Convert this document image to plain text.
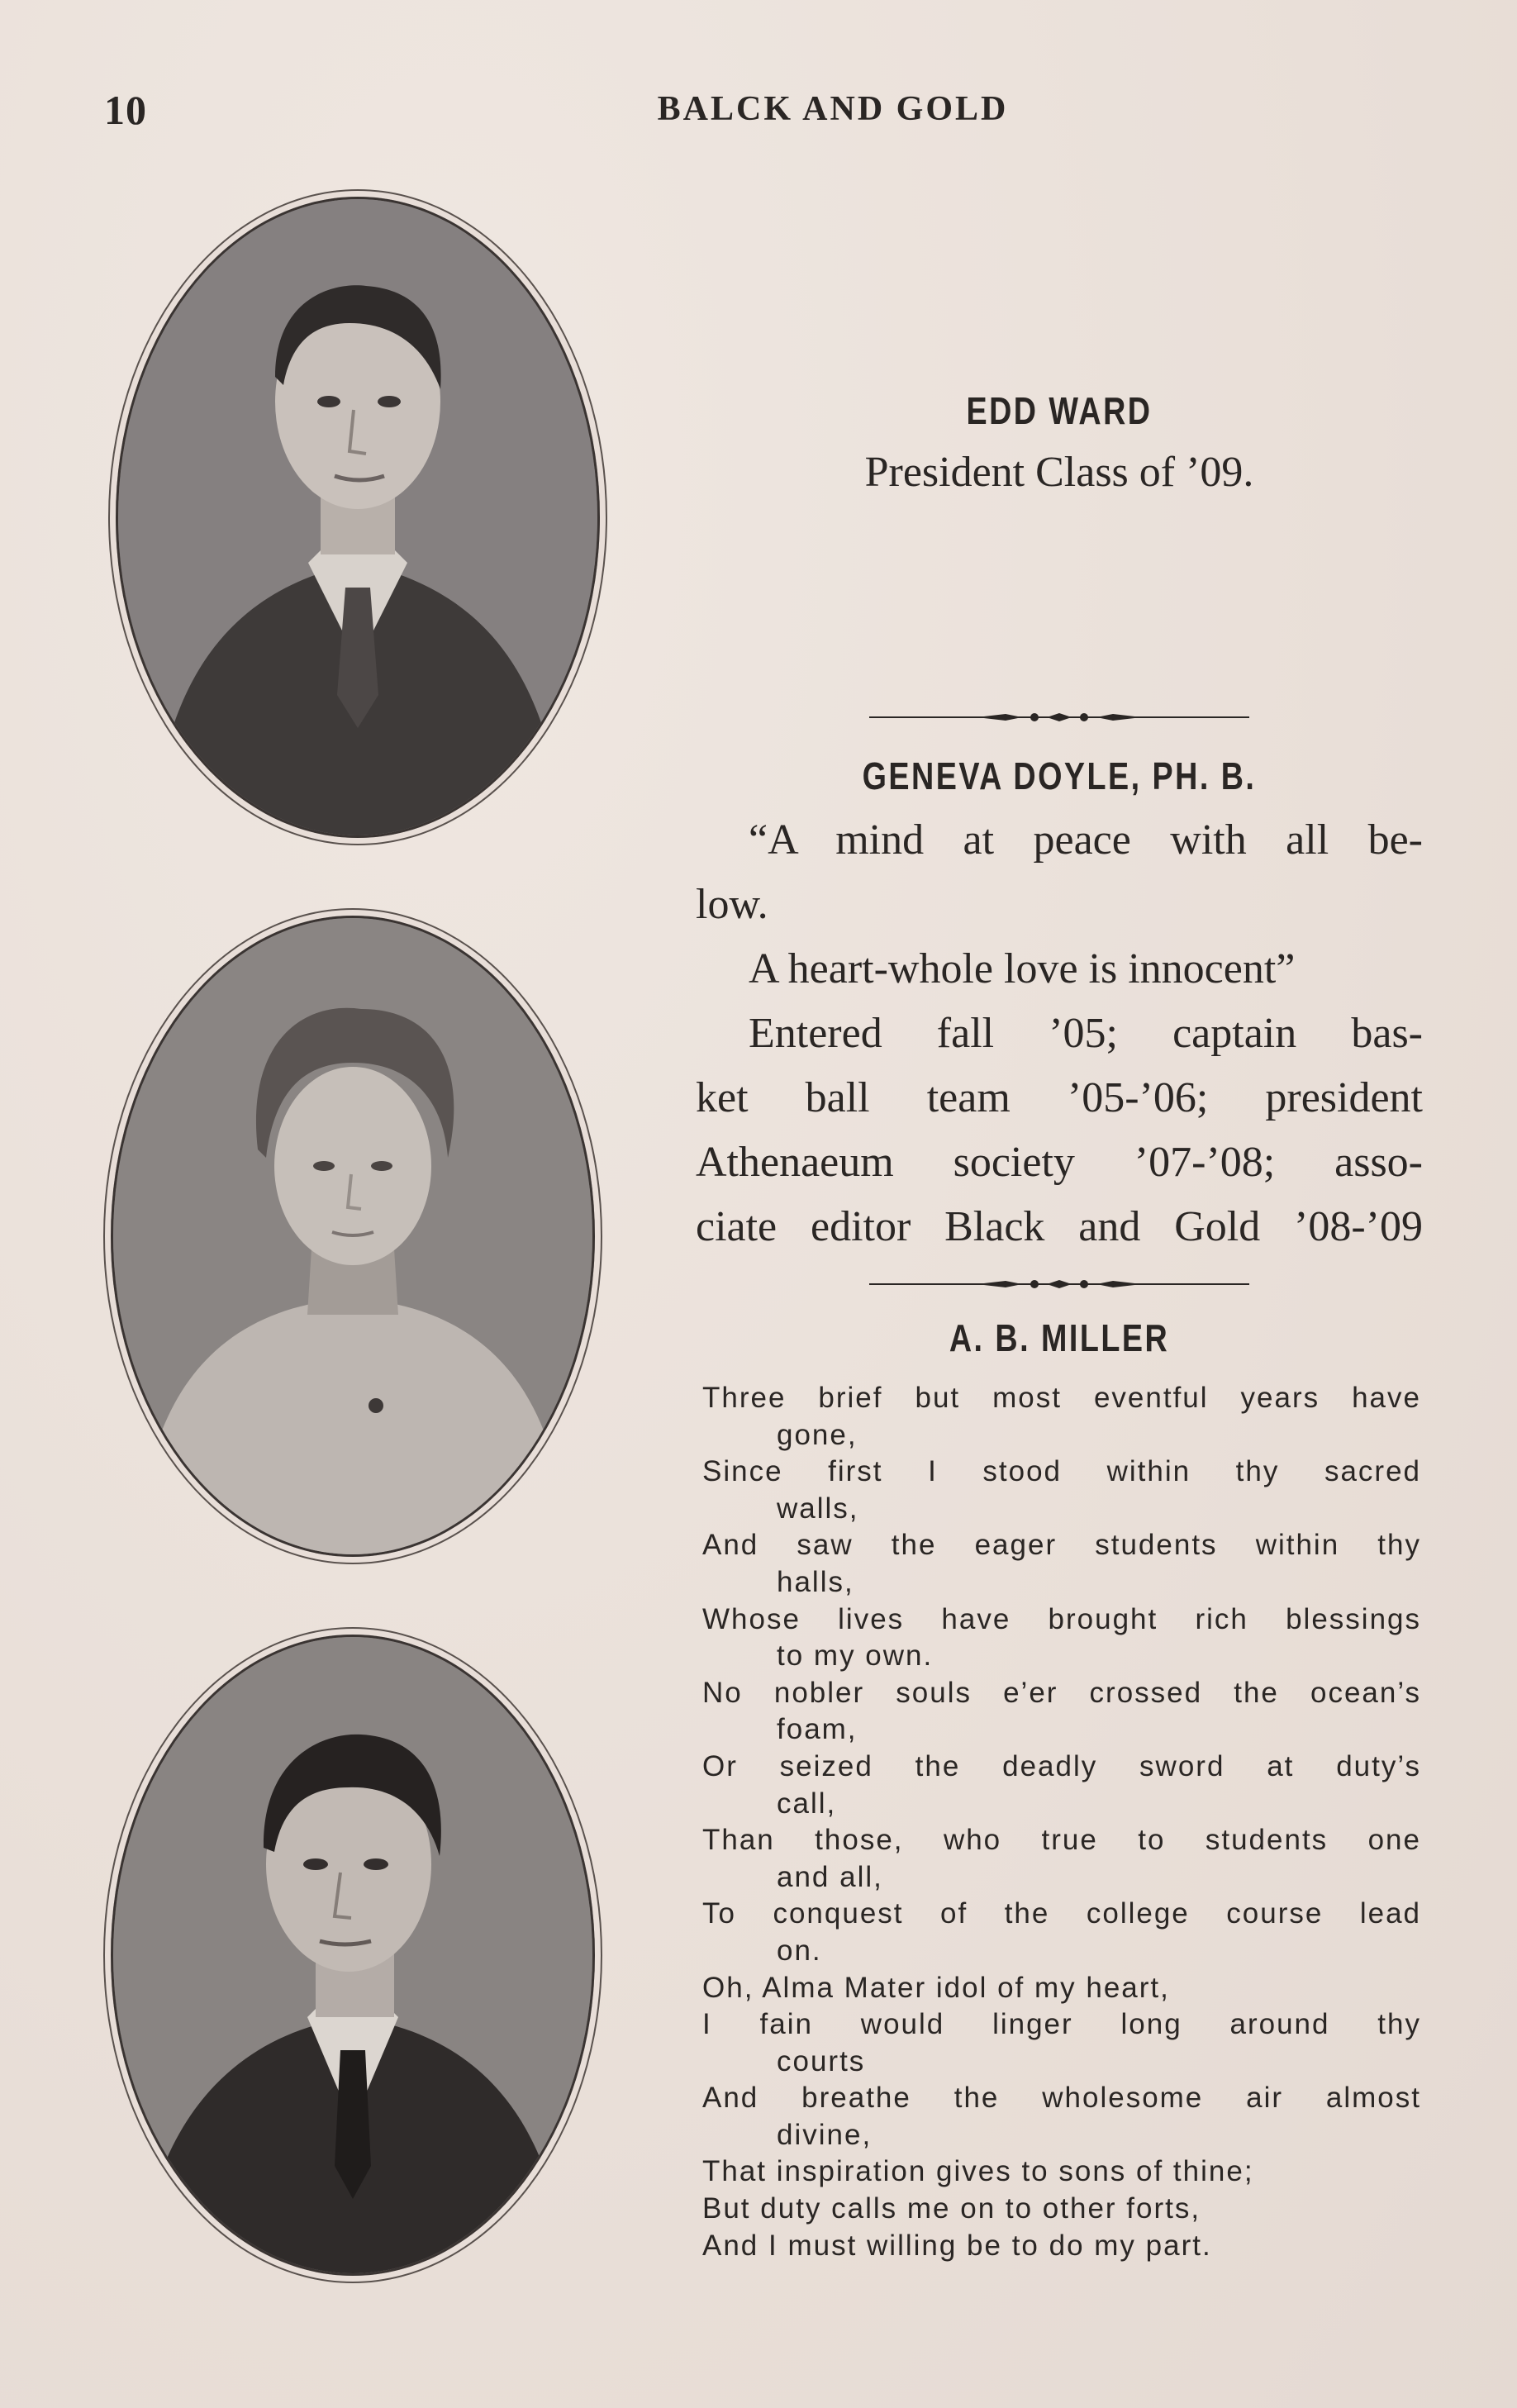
10	BALCK AND GOLD
EDD WARD
President Class of ’09.
GENEVA DOYLE, PH. B.

“A mind at peace with all be-

low.

A heart-whole love is innocent”

Entered fall ’05; captain bas-

ket ball team ’05-’06; president

Athenaeum society ’07-’08; asso-

ciate editor Black and Gold ’08-’09

A. B. MILLER
Three brief but most eventful years have
gone,
Since first I stood within thy sacred
walls,
And saw the eager students within thy
halls,
Whose lives have brought rich blessings
to my own.
No nobler souls e’er crossed the ocean’s
foam,
Or seized the deadly sword at duty’s
call,
Than those, who true to students one
and all,
To conquest of the college course lead
on.
Oh, Alma Mater idol of my heart,
I fain would linger long around thy
courts
And breathe the wholesome air almost
divine,
That inspiration gives to sons of thine;
But duty calls me on to other forts,
And I must willing be to do my part.
